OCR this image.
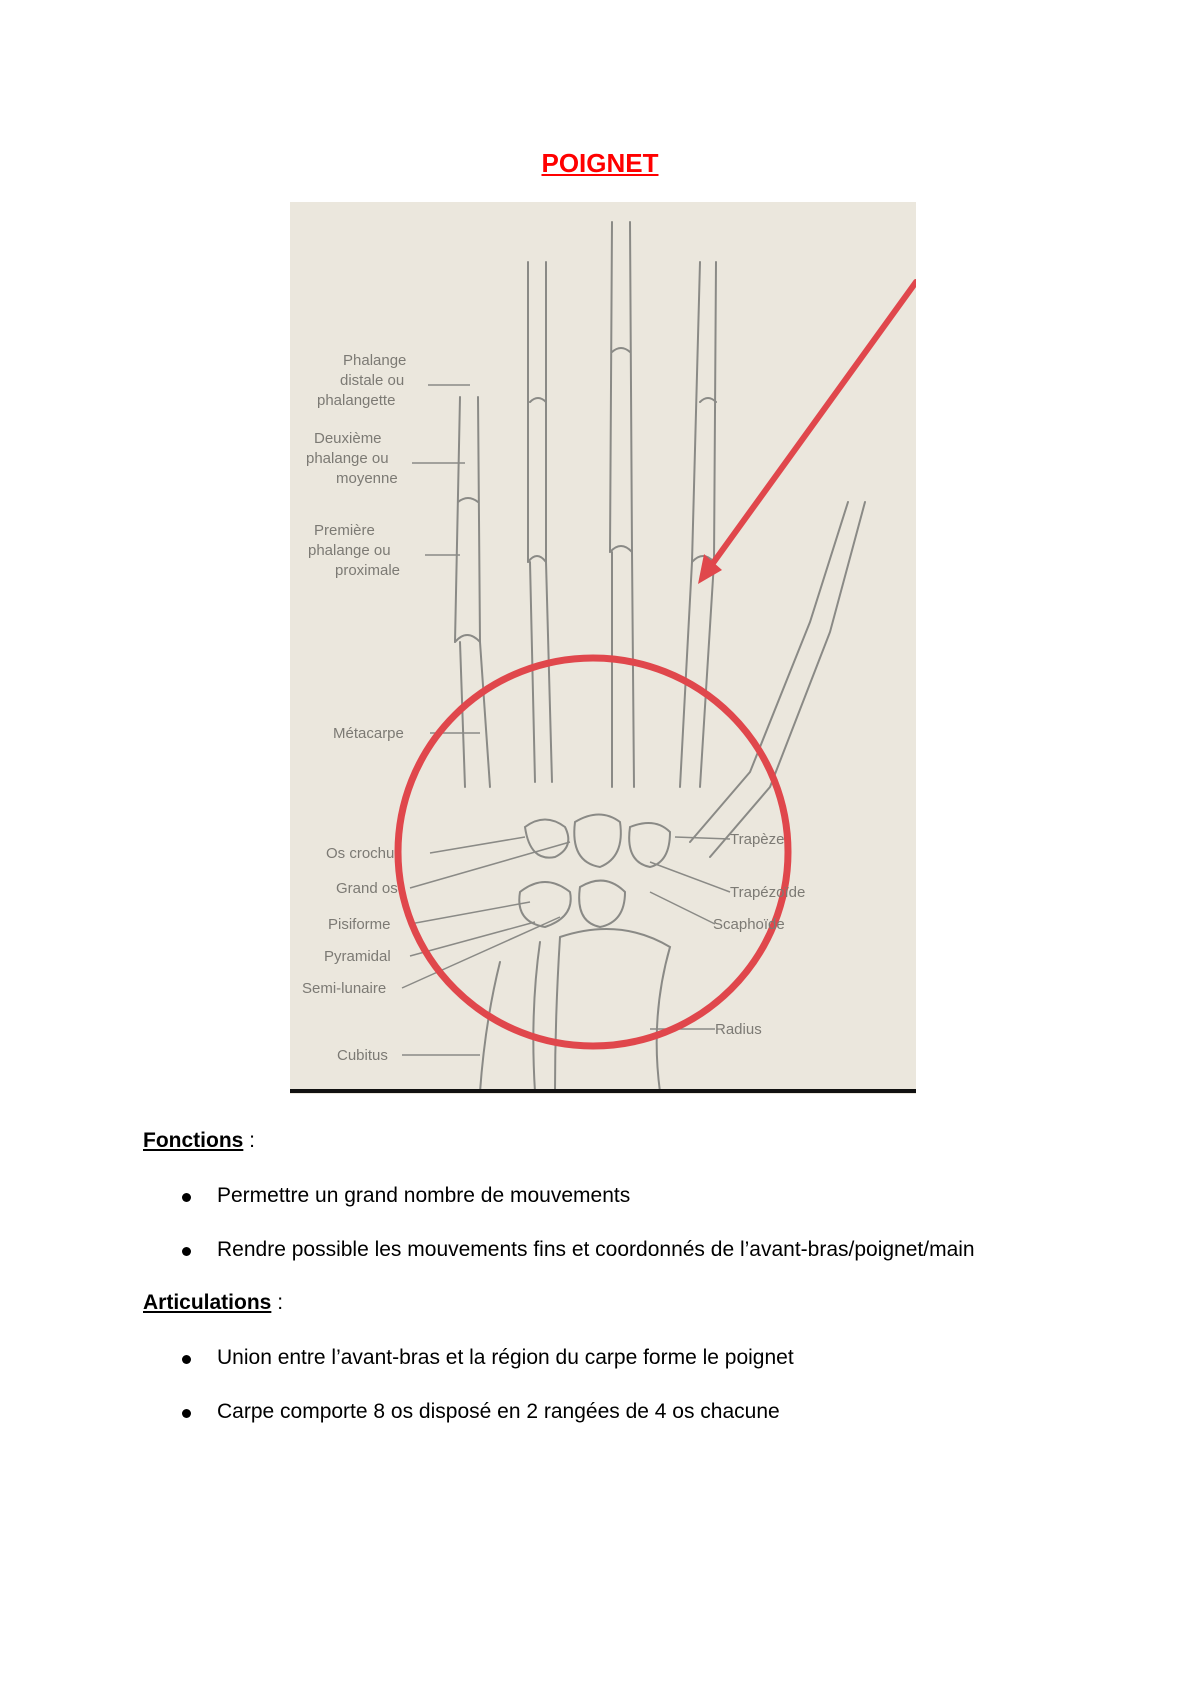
POIGNET
Phalange
distale ou
phalangette
Deuxième
phalange ou
moyenne
Première
phalange ou
proximale
Métacarpe
Os crochu
Grand os
Pisiforme
Pyramidal
Semi-lunaire
Cubitus
Trapèze
Trapézoïde
Scaphoïde
Radius
Fonctions :
Permettre un grand nombre de mouvements
Rendre possible les mouvements fins et coordonnés de l’avant-bras/poignet/main
Articulations :
Union entre l’avant-bras et la région du carpe forme le poignet
Carpe comporte 8 os disposé en 2 rangées de 4 os chacune
